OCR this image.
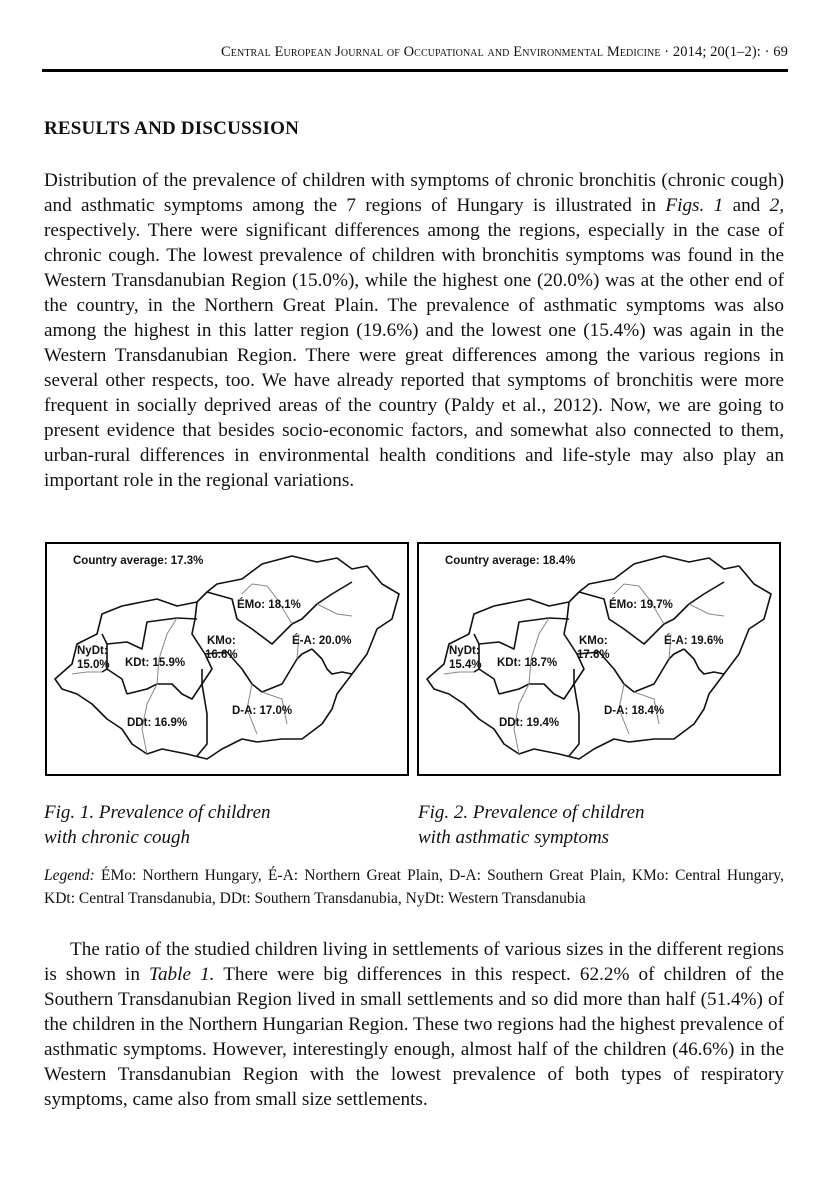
Central European Journal of Occupational and Environmental Medicine · 2014; 20(1–2): · 69
RESULTS AND DISCUSSION
Distribution of the prevalence of children with symptoms of chronic bronchitis (chronic cough) and asthmatic symptoms among the 7 regions of Hungary is illustrated in Figs. 1 and 2, respectively. There were significant differences among the regions, especially in the case of chronic cough. The lowest prevalence of children with bronchitis symptoms was found in the Western Transdanubian Region (15.0%), while the highest one (20.0%) was at the other end of the country, in the Northern Great Plain. The prevalence of asthmatic symptoms was also among the highest in this latter region (19.6%) and the lowest one (15.4%) was again in the Western Transdanubian Region. There were great differences among the various regions in several other respects, too. We have already reported that symptoms of bronchitis were more frequent in socially deprived areas of the country (Paldy et al., 2012). Now, we are going to present evidence that besides socio-economic factors, and somewhat also connected to them, urban-rural differences in environmental health conditions and life-style may also play an important role in the regional variations.
Country average: 17.3%
ÉMo: 18.1%
É-A: 20.0%
KMo:
16.6%
NyDt:
15.0% KDt: 15.9%
DDt: 16.9%
D-A: 17.0%
Country average: 18.4%
ÉMo: 19.7%
É-A: 19.6%
KMo:
17.6%
NyDt:
15.4% KDt: 18.7%
DDt: 19.4%
D-A: 18.4%
Fig. 1. Prevalence of children
with chronic cough
Fig. 2. Prevalence of children
with asthmatic symptoms
Legend: ÉMo: Northern Hungary, É-A: Northern Great Plain, D-A: Southern Great Plain, KMo: Central Hungary, KDt: Central Transdanubia, DDt: Southern Transdanubia, NyDt: Western Transdanubia
The ratio of the studied children living in settlements of various sizes in the different regions is shown in Table 1. There were big differences in this respect. 62.2% of children of the Southern Transdanubian Region lived in small settlements and so did more than half (51.4%) of the children in the Northern Hungarian Region. These two regions had the highest prevalence of asthmatic symptoms. However, interestingly enough, almost half of the children (46.6%) in the Western Transdanubian Region with the lowest prevalence of both types of respiratory symptoms, came also from small size settlements.
